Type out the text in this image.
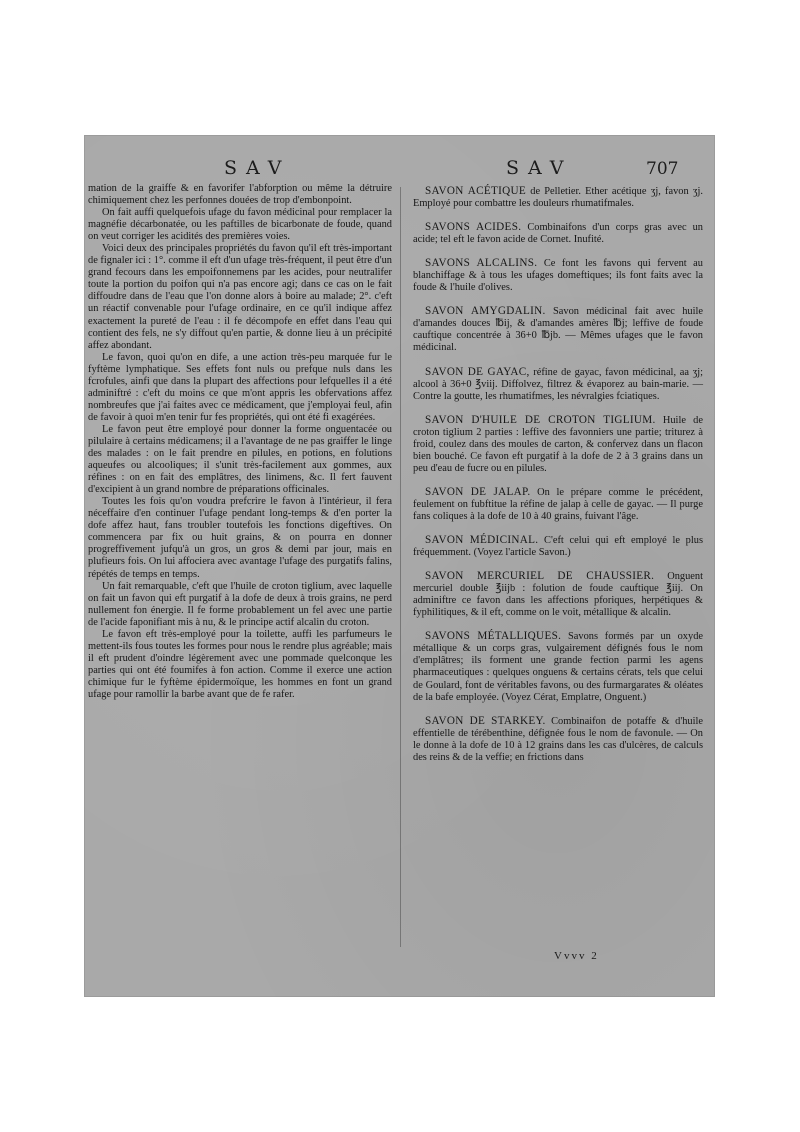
SAV	SAV	707

mation de la graiffe & en favorifer l'abforption ou même la détruire chimiquement chez les perfonnes douées de trop d'embonpoint.

On fait auffi quelquefois ufage du favon médicinal pour remplacer la magnéfie décarbonatée, ou les paftilles de bicarbonate de foude, quand on veut corriger les acidités des premières voies.

Voici deux des principales propriétés du favon qu'il eft très-important de fignaler ici : 1°. comme il eft d'un ufage très-fréquent, il peut être d'un grand fecours dans les empoifonnemens par les acides, pour neutralifer toute la portion du poifon qui n'a pas encore agi; dans ce cas on le fait diffoudre dans de l'eau que l'on donne alors à boire au malade; 2°. c'eft un réactif convenable pour l'ufage ordinaire, en ce qu'il indique affez exactement la pureté de l'eau : il fe décompofe en effet dans l'eau qui contient des fels, ne s'y diffout qu'en partie, & donne lieu à un précipité affez abondant.

Le favon, quoi qu'on en dife, a une action très-peu marquée fur le fyftème lymphatique. Ses effets font nuls ou prefque nuls dans les fcrofules, ainfi que dans la plupart des affections pour lefquelles il a été adminiftré : c'eft du moins ce que m'ont appris les obfervations affez nombreufes que j'ai faites avec ce médicament, que j'employai feul, afin de favoir à quoi m'en tenir fur fes propriétés, qui ont été fi exagérées.

Le favon peut être employé pour donner la forme onguentacée ou pilulaire à certains médicamens; il a l'avantage de ne pas graiffer le linge des malades : on le fait prendre en pilules, en potions, en folutions aqueufes ou alcooliques; il s'unit très-facilement aux gommes, aux réfines : on en fait des emplâtres, des linimens, &c. Il fert fauvent d'excipient à un grand nombre de préparations officinales.

Toutes les fois qu'on voudra prefcrire le favon à l'intérieur, il fera néceffaire d'en continuer l'ufage pendant long-temps & d'en porter la dofe affez haut, fans troubler toutefois les fonctions digeftives. On commencera par fix ou huit grains, & on pourra en donner progreffivement jufqu'à un gros, un gros & demi par jour, mais en plufieurs fois. On lui affociera avec avantage l'ufage des purgatifs falins, répétés de temps en temps.

Un fait remarquable, c'eft que l'huile de croton tiglium, avec laquelle on fait un favon qui eft purgatif à la dofe de deux à trois grains, ne perd nullement fon énergie. Il fe forme probablement un fel avec une partie de l'acide faponifiant mis à nu, & le principe actif alcalin du croton.

Le favon eft très-employé pour la toilette, auffi les parfumeurs le mettent-ils fous toutes les formes pour nous le rendre plus agréable; mais il eft prudent d'oindre légèrement avec une pommade quelconque les parties qui ont été foumifes à fon action. Comme il exerce une action chimique fur le fyftème épidermoïque, les hommes en font un grand ufage pour ramollir la barbe avant que de fe rafer.

SAVON ACÉTIQUE de Pelletier. Ether acétique ʒj, favon ʒj. Employé pour combattre les douleurs rhumatifmales.

SAVONS ACIDES. Combinaifons d'un corps gras avec un acide; tel eft le favon acide de Cornet. Inufité.

SAVONS ALCALINS. Ce font les favons qui fervent au blanchiffage & à tous les ufages domeftiques; ils font faits avec la foude & l'huile d'olives.

SAVON AMYGDALIN. Savon médicinal fait avec huile d'amandes douces ℔ij, & d'amandes amères ℔j; leffive de foude cauftique concentrée à 36+0 ℔jb. — Mêmes ufages que le favon médicinal.

SAVON DE GAYAC, réfine de gayac, favon médicinal, aa ʒj; alcool à 36+0 ℥viij. Diffolvez, filtrez & évaporez au bain-marie. — Contre la goutte, les rhumatifmes, les névralgies fciatiques.

SAVON D'HUILE DE CROTON TIGLIUM. Huile de croton tiglium 2 parties : leffive des favonniers une partie; triturez à froid, coulez dans des moules de carton, & confervez dans un flacon bien bouché. Ce favon eft purgatif à la dofe de 2 à 3 grains dans un peu d'eau de fucre ou en pilules.

SAVON DE JALAP. On le prépare comme le précédent, feulement on fubftitue la réfine de jalap à celle de gayac. — Il purge fans coliques à la dofe de 10 à 40 grains, fuivant l'âge.

SAVON MÉDICINAL. C'eft celui qui eft employé le plus fréquemment. (Voyez l'article Savon.)

SAVON MERCURIEL DE CHAUSSIER. Onguent mercuriel double ℥iijb : folution de foude cauftique ℥iij. On adminiftre ce favon dans les affections pforiques, herpétiques & fyphilitiques, & il eft, comme on le voit, métallique & alcalin.

SAVONS MÉTALLIQUES. Savons formés par un oxyde métallique & un corps gras, vulgairement défignés fous le nom d'emplâtres; ils forment une grande fection parmi les agens pharmaceutiques : quelques onguens & certains cérats, tels que celui de Goulard, font de véritables favons, ou des furmargarates & oléates de la bafe employée. (Voyez Cérat, Emplatre, Onguent.)

SAVON DE STARKEY. Combinaifon de potaffe & d'huile effentielle de térébenthine, défignée fous le nom de favonule. — On le donne à la dofe de 10 à 12 grains dans les cas d'ulcères, de calculs des reins & de la veffie; en frictions dans

Vvvv 2
